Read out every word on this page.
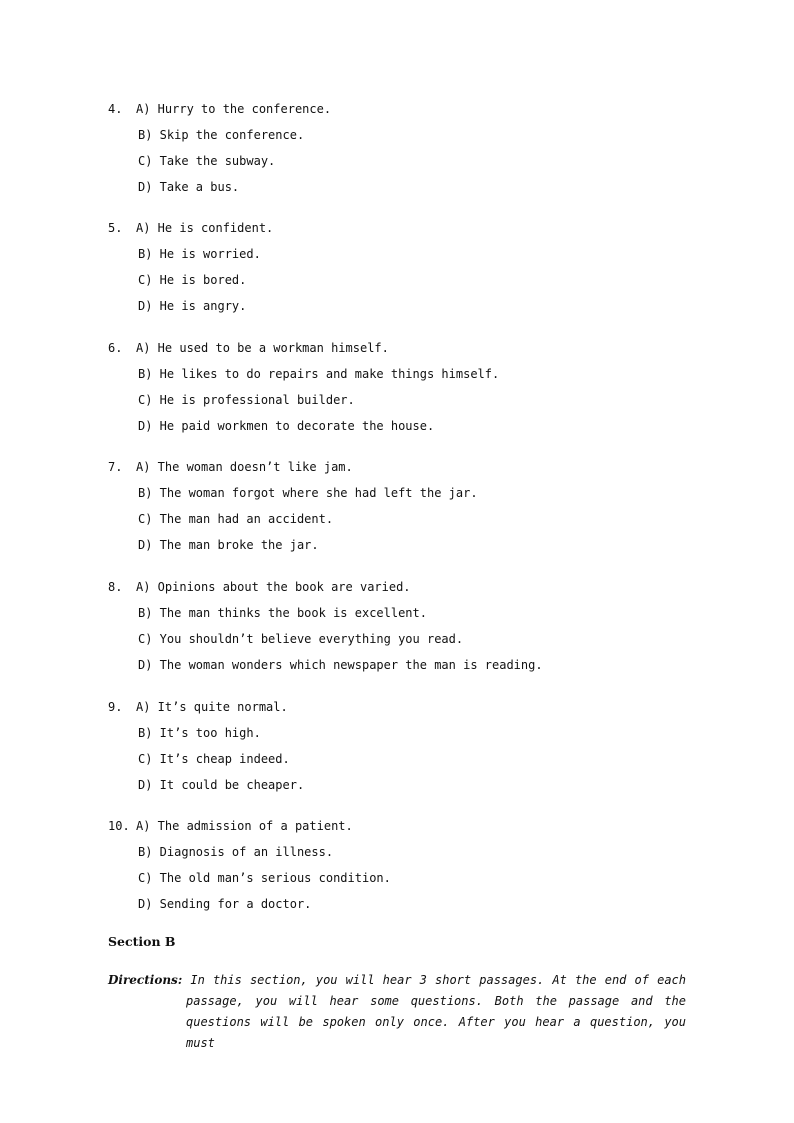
4. A) Hurry to the conference.
B) Skip the conference.
C) Take the subway.
D) Take a bus.
5. A) He is confident.
B) He is worried.
C) He is bored.
D) He is angry.
6. A) He used to be a workman himself.
B) He likes to do repairs and make things himself.
C) He is professional builder.
D) He paid workmen to decorate the house.
7. A) The woman doesn’t like jam.
B) The woman forgot where she had left the jar.
C) The man had an accident.
D) The man broke the jar.
8. A) Opinions about the book are varied.
B) The man thinks the book is excellent.
C) You shouldn’t believe everything you read.
D) The woman wonders which newspaper the man is reading.
9. A) It’s quite normal.
B) It’s too high.
C) It’s cheap indeed.
D) It could be cheaper.
10. A) The admission of a patient.
B) Diagnosis of an illness.
C) The old man’s serious condition.
D) Sending for a doctor.
Section B
Directions: In this section, you will hear 3 short passages. At the end of each
passage, you will hear some questions. Both the passage and the
questions will be spoken only once. After you hear a question, you must
